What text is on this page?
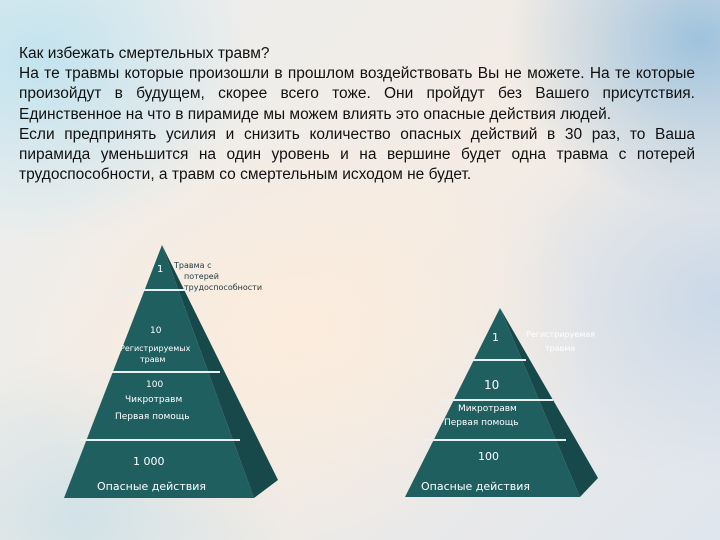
Как избежать смертельных травм?

На те травмы которые произошли в прошлом воздействовать Вы не можете. На те которые произойдут в будущем, скорее всего тоже. Они пройдут без Вашего присутствия. Единственное на что в пирамиде мы можем влиять это опасные действия людей.

Если предпринять усилия и снизить количество опасных действий в 30 раз, то Ваша пирамида уменьшится на один уровень и на вершине будет одна травма с потерей трудоспособности, а травм со смертельным исходом не будет.

1 Травма с
потерей
трудоспособности
10
Регистрируемых
травм
100
Чикротравм
Первая помощь
1 000
Опасные действия
1	Регистрируемая
травма
10
Микротравм
Первая помощь
100
Опасные действия
